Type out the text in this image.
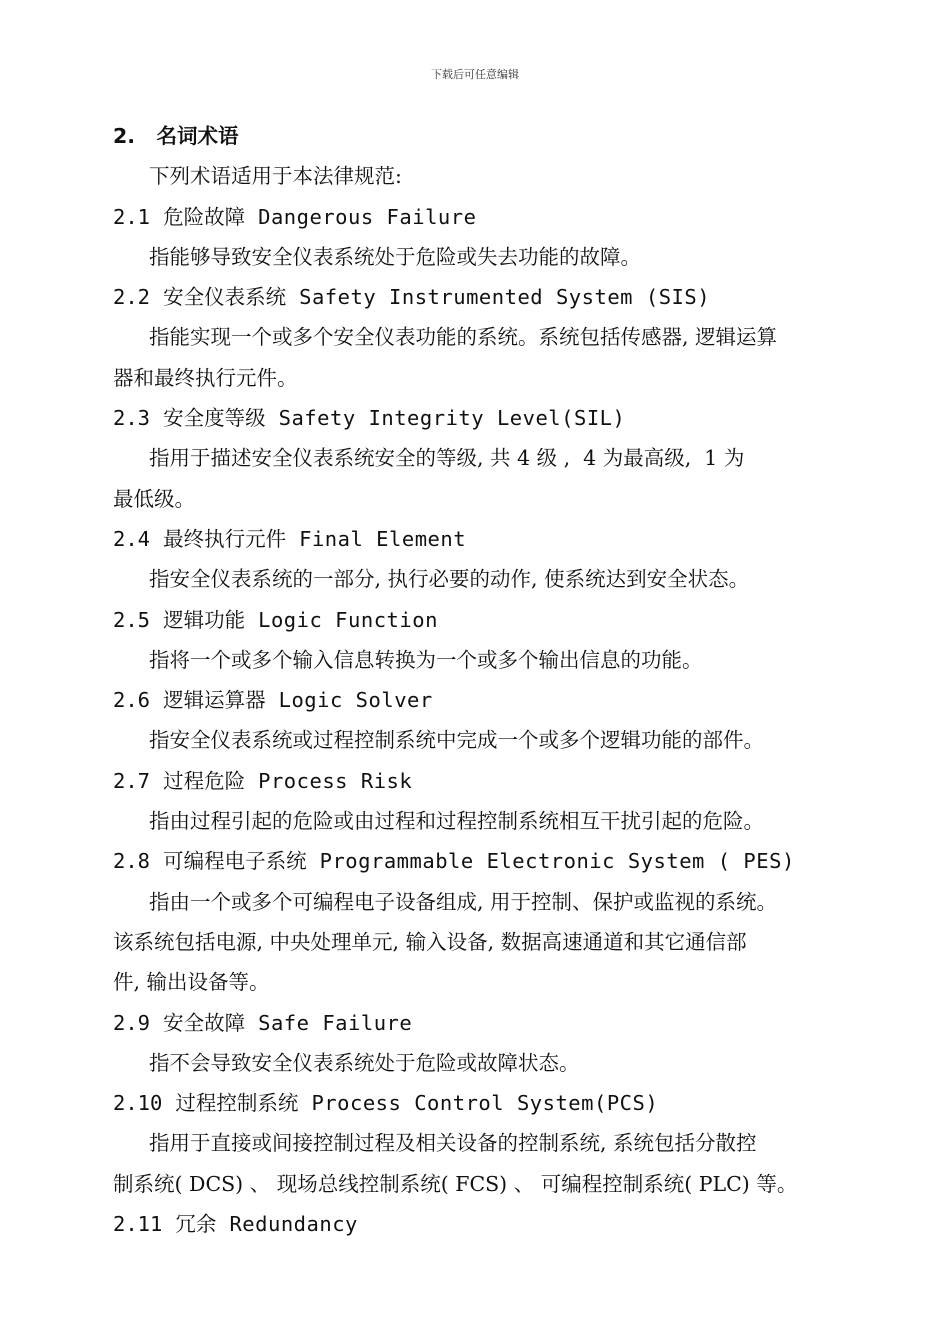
下载后可任意编辑
2. 名词术语
下列术语适用于本法律规范:
2.1 危险故障 Dangerous Failure
指能够导致安全仪表系统处于危险或失去功能的故障。
2.2 安全仪表系统 Safety Instrumented System (SIS)
指能实现一个或多个安全仪表功能的系统。系统包括传感器, 逻辑运算
器和最终执行元件。
2.3 安全度等级 Safety Integrity Level(SIL)
指用于描述安全仪表系统安全的等级, 共 4 级 ,  4 为最高级,  1 为
最低级。
2.4 最终执行元件 Final Element
指安全仪表系统的一部分, 执行必要的动作, 使系统达到安全状态。
2.5 逻辑功能 Logic Function
指将一个或多个输入信息转换为一个或多个输出信息的功能。
2.6 逻辑运算器 Logic Solver
指安全仪表系统或过程控制系统中完成一个或多个逻辑功能的部件。
2.7 过程危险 Process Risk
指由过程引起的危险或由过程和过程控制系统相互干扰引起的危险。
2.8 可编程电子系统 Programmable Electronic System ( PES)
指由一个或多个可编程电子设备组成, 用于控制、保护或监视的系统。
该系统包括电源, 中央处理单元, 输入设备, 数据高速通道和其它通信部
件, 输出设备等。
2.9 安全故障 Safe Failure
指不会导致安全仪表系统处于危险或故障状态。
2.10 过程控制系统 Process Control System(PCS)
指用于直接或间接控制过程及相关设备的控制系统, 系统包括分散控
制系统( DCS) 、 现场总线控制系统( FCS) 、 可编程控制系统( PLC) 等。
2.11 冗余 Redundancy
